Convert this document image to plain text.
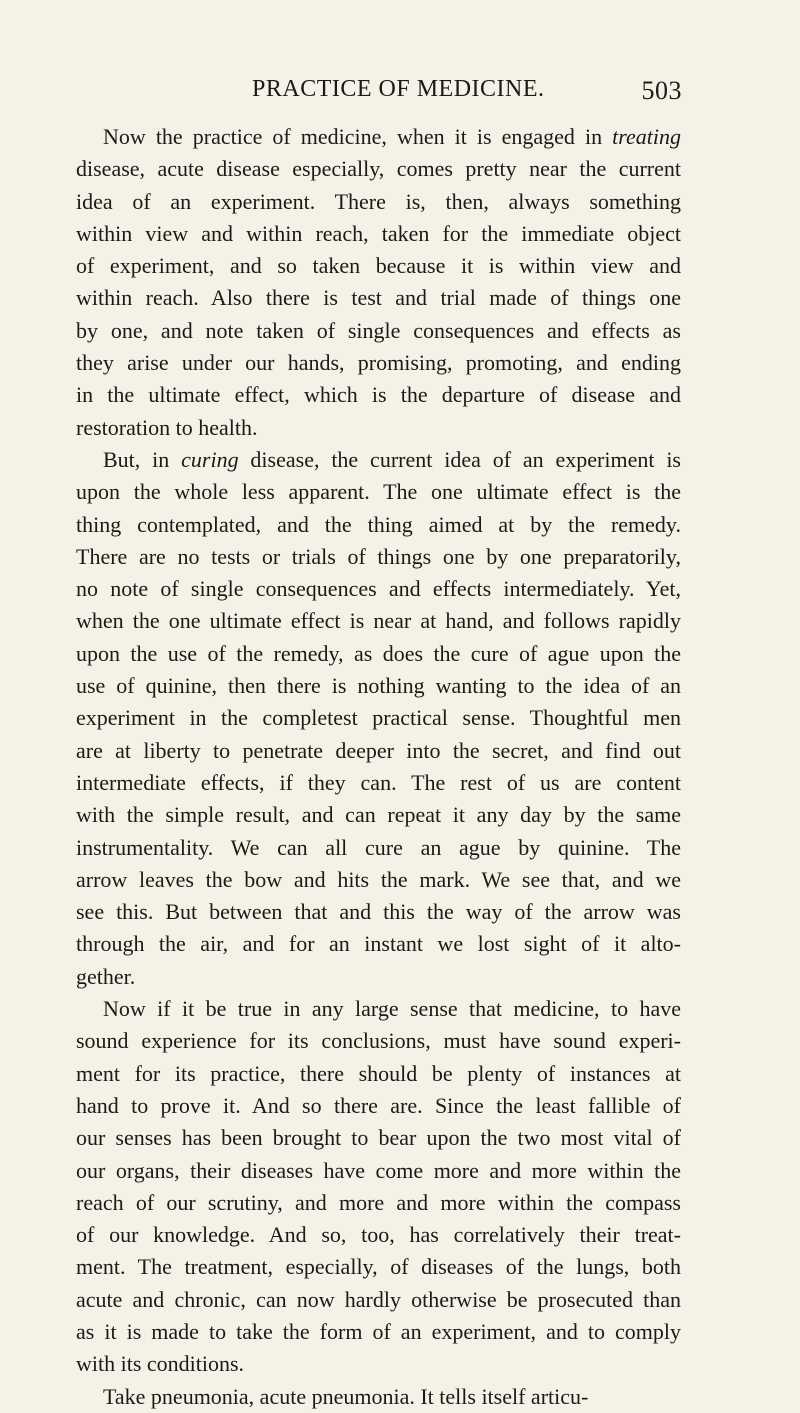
PRACTICE OF MEDICINE.	503

Now the practice of medicine, when it is engaged in treating
disease, acute disease especially, comes pretty near the current
idea of an experiment. There is, then, always something
within view and within reach, taken for the immediate object
of experiment, and so taken because it is within view and
within reach. Also there is test and trial made of things one
by one, and note taken of single consequences and effects as
they arise under our hands, promising, promoting, and ending
in the ultimate effect, which is the departure of disease and
restoration to health.

But, in curing disease, the current idea of an experiment is
upon the whole less apparent. The one ultimate effect is the
thing contemplated, and the thing aimed at by the remedy.
There are no tests or trials of things one by one preparatorily,
no note of single consequences and effects intermediately. Yet,
when the one ultimate effect is near at hand, and follows rapidly
upon the use of the remedy, as does the cure of ague upon the
use of quinine, then there is nothing wanting to the idea of an
experiment in the completest practical sense. Thoughtful men
are at liberty to penetrate deeper into the secret, and find out
intermediate effects, if they can. The rest of us are content
with the simple result, and can repeat it any day by the same
instrumentality. We can all cure an ague by quinine. The
arrow leaves the bow and hits the mark. We see that, and we
see this. But between that and this the way of the arrow was
through the air, and for an instant we lost sight of it alto-
gether.

Now if it be true in any large sense that medicine, to have
sound experience for its conclusions, must have sound experi-
ment for its practice, there should be plenty of instances at
hand to prove it. And so there are. Since the least fallible of
our senses has been brought to bear upon the two most vital of
our organs, their diseases have come more and more within the
reach of our scrutiny, and more and more within the compass
of our knowledge. And so, too, has correlatively their treat-
ment. The treatment, especially, of diseases of the lungs, both
acute and chronic, can now hardly otherwise be prosecuted than
as it is made to take the form of an experiment, and to comply
with its conditions.

Take pneumonia, acute pneumonia. It tells itself articu-
